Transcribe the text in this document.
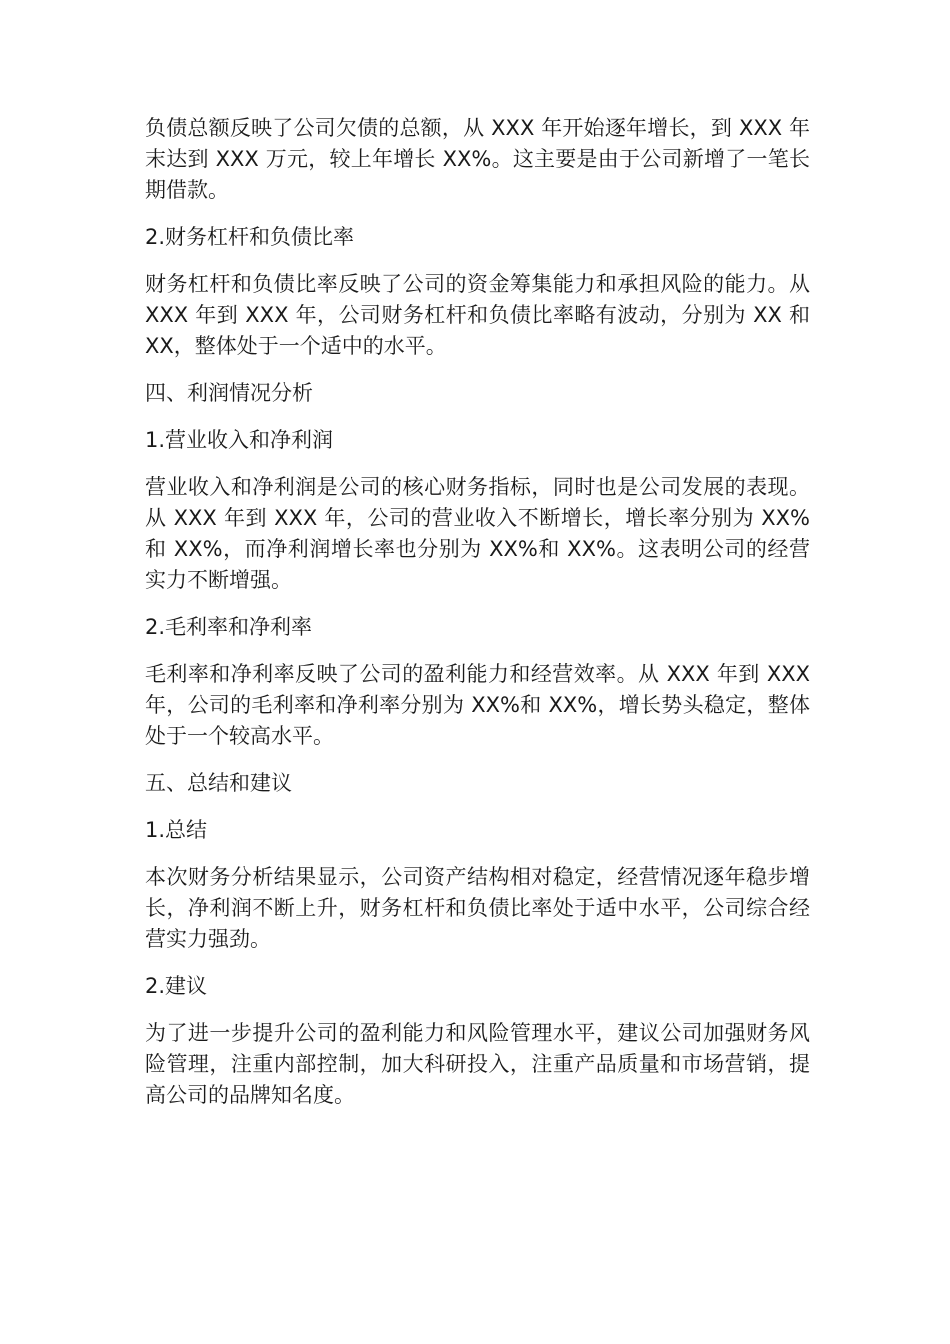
负债总额反映了公司欠债的总额，从 XXX 年开始逐年增长，到 XXX 年末达到 XXX 万元，较上年增长 XX%。这主要是由于公司新增了一笔长期借款。

2.财务杠杆和负债比率

财务杠杆和负债比率反映了公司的资金筹集能力和承担风险的能力。从 XXX 年到 XXX 年，公司财务杠杆和负债比率略有波动，分别为 XX 和 XX，整体处于一个适中的水平。

四、利润情况分析

1.营业收入和净利润

营业收入和净利润是公司的核心财务指标，同时也是公司发展的表现。从 XXX 年到 XXX 年，公司的营业收入不断增长，增长率分别为 XX%和 XX%，而净利润增长率也分别为 XX%和 XX%。这表明公司的经营实力不断增强。

2.毛利率和净利率

毛利率和净利率反映了公司的盈利能力和经营效率。从 XXX 年到 XXX 年，公司的毛利率和净利率分别为 XX%和 XX%，增长势头稳定，整体处于一个较高水平。

五、总结和建议

1.总结

本次财务分析结果显示，公司资产结构相对稳定，经营情况逐年稳步增长，净利润不断上升，财务杠杆和负债比率处于适中水平，公司综合经营实力强劲。

2.建议

为了进一步提升公司的盈利能力和风险管理水平，建议公司加强财务风险管理，注重内部控制，加大科研投入，注重产品质量和市场营销，提高公司的品牌知名度。
